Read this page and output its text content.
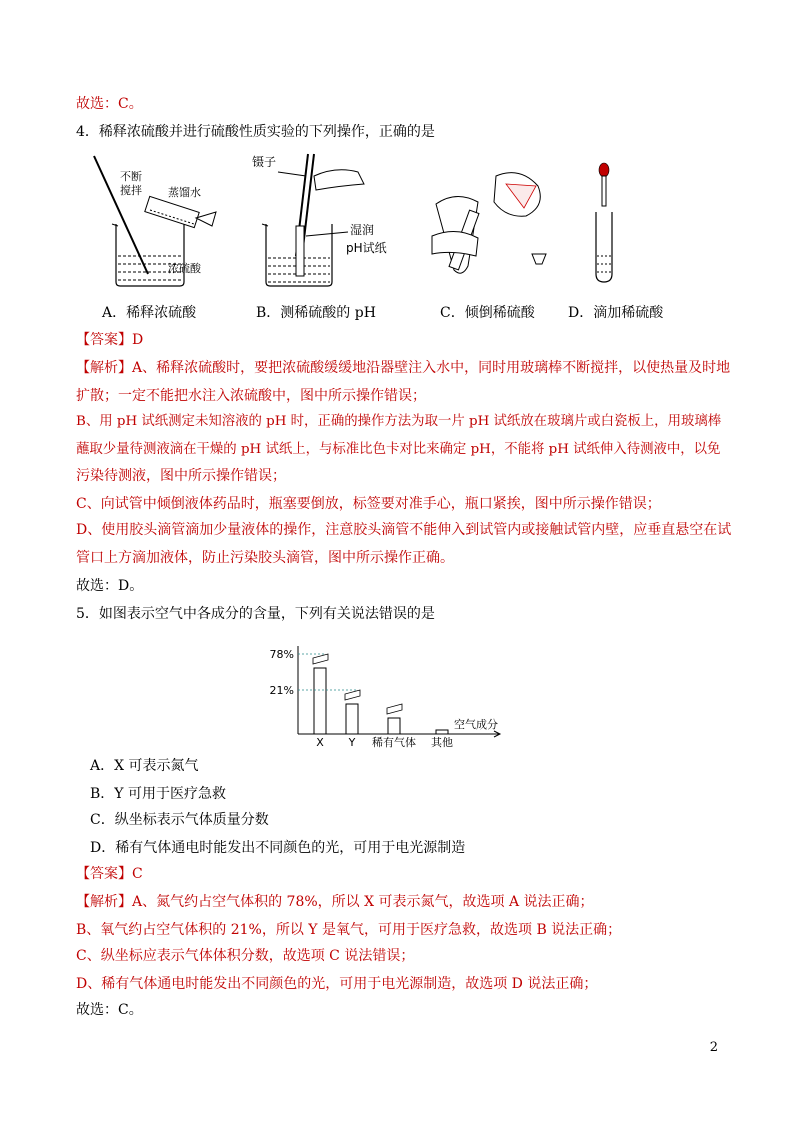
故选：C。
4．稀释浓硫酸并进行硫酸性质实验的下列操作，正确的是
不断
搅拌 蒸馏水
浓硫酸
镊子
湿润
pH试纸
A．稀释浓硫酸	B．测稀硫酸的 pH	C．倾倒稀硫酸 D．滴加稀硫酸
【答案】D
【解析】A、稀释浓硫酸时，要把浓硫酸缓缓地沿器壁注入水中，同时用玻璃棒不断搅拌，以使热量及时地
扩散；一定不能把水注入浓硫酸中，图中所示操作错误；
B、用 pH 试纸测定未知溶液的 pH 时，正确的操作方法为取一片 pH 试纸放在玻璃片或白瓷板上，用玻璃棒
蘸取少量待测液滴在干燥的 pH 试纸上，与标准比色卡对比来确定 pH，不能将 pH 试纸伸入待测液中，以免
污染待测液，图中所示操作错误；
C、向试管中倾倒液体药品时，瓶塞要倒放，标签要对准手心，瓶口紧挨，图中所示操作错误；
D、使用胶头滴管滴加少量液体的操作，注意胶头滴管不能伸入到试管内或接触试管内壁，应垂直悬空在试
管口上方滴加液体，防止污染胶头滴管，图中所示操作正确。
故选：D。
5．如图表示空气中各成分的含量，下列有关说法错误的是
X Y 稀有气体 其他
78%
21%
空气成分
A．X 可表示氮气
B．Y 可用于医疗急救
C．纵坐标表示气体质量分数
D．稀有气体通电时能发出不同颜色的光，可用于电光源制造
【答案】C
【解析】A、氮气约占空气体积的 78%，所以 X 可表示氮气，故选项 A 说法正确；
B、氧气约占空气体积的 21%，所以 Y 是氧气，可用于医疗急救，故选项 B 说法正确；
C、纵坐标应表示气体体积分数，故选项 C 说法错误；
D、稀有气体通电时能发出不同颜色的光，可用于电光源制造，故选项 D 说法正确；
故选：C。
2
